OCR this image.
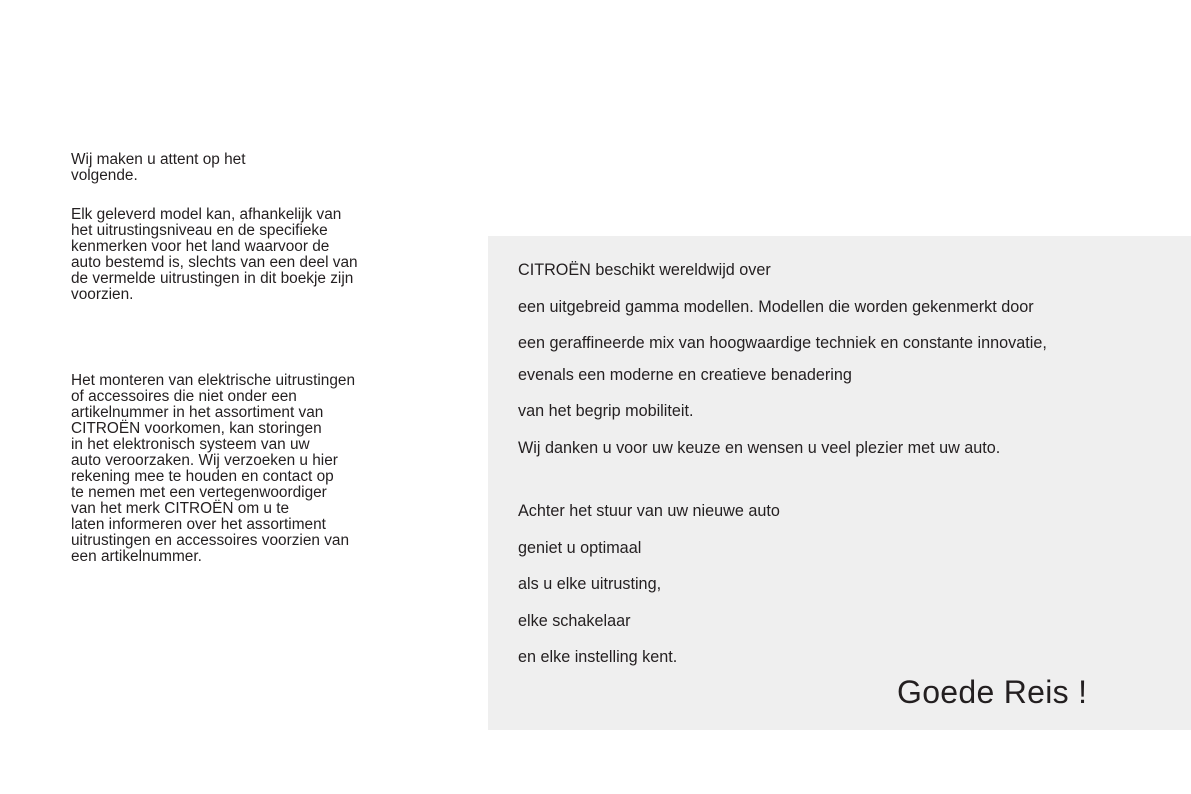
Wij maken u attent op het
volgende.

Elk geleverd model kan, afhankelijk van
het uitrustingsniveau en de specifieke
kenmerken voor het land waarvoor de
auto bestemd is, slechts van een deel van
de vermelde uitrustingen in dit boekje zijn
voorzien.

Het monteren van elektrische uitrustingen
of accessoires die niet onder een
artikelnummer in het assortiment van
CITROËN voorkomen, kan storingen
in het elektronisch systeem van uw
auto veroorzaken. Wij verzoeken u hier
rekening mee te houden en contact op
te nemen met een vertegenwoordiger
van het merk CITROËN om u te
laten informeren over het assortiment
uitrustingen en accessoires voorzien van
een artikelnummer.

CITROËN beschikt wereldwijd over
een uitgebreid gamma modellen. Modellen die worden gekenmerkt door
een geraffineerde mix van hoogwaardige techniek en constante innovatie,
evenals een moderne en creatieve benadering
van het begrip mobiliteit.
Wij danken u voor uw keuze en wensen u veel plezier met uw auto.
Achter het stuur van uw nieuwe auto
geniet u optimaal
als u elke uitrusting,
elke schakelaar
en elke instelling kent.
Goede Reis !
